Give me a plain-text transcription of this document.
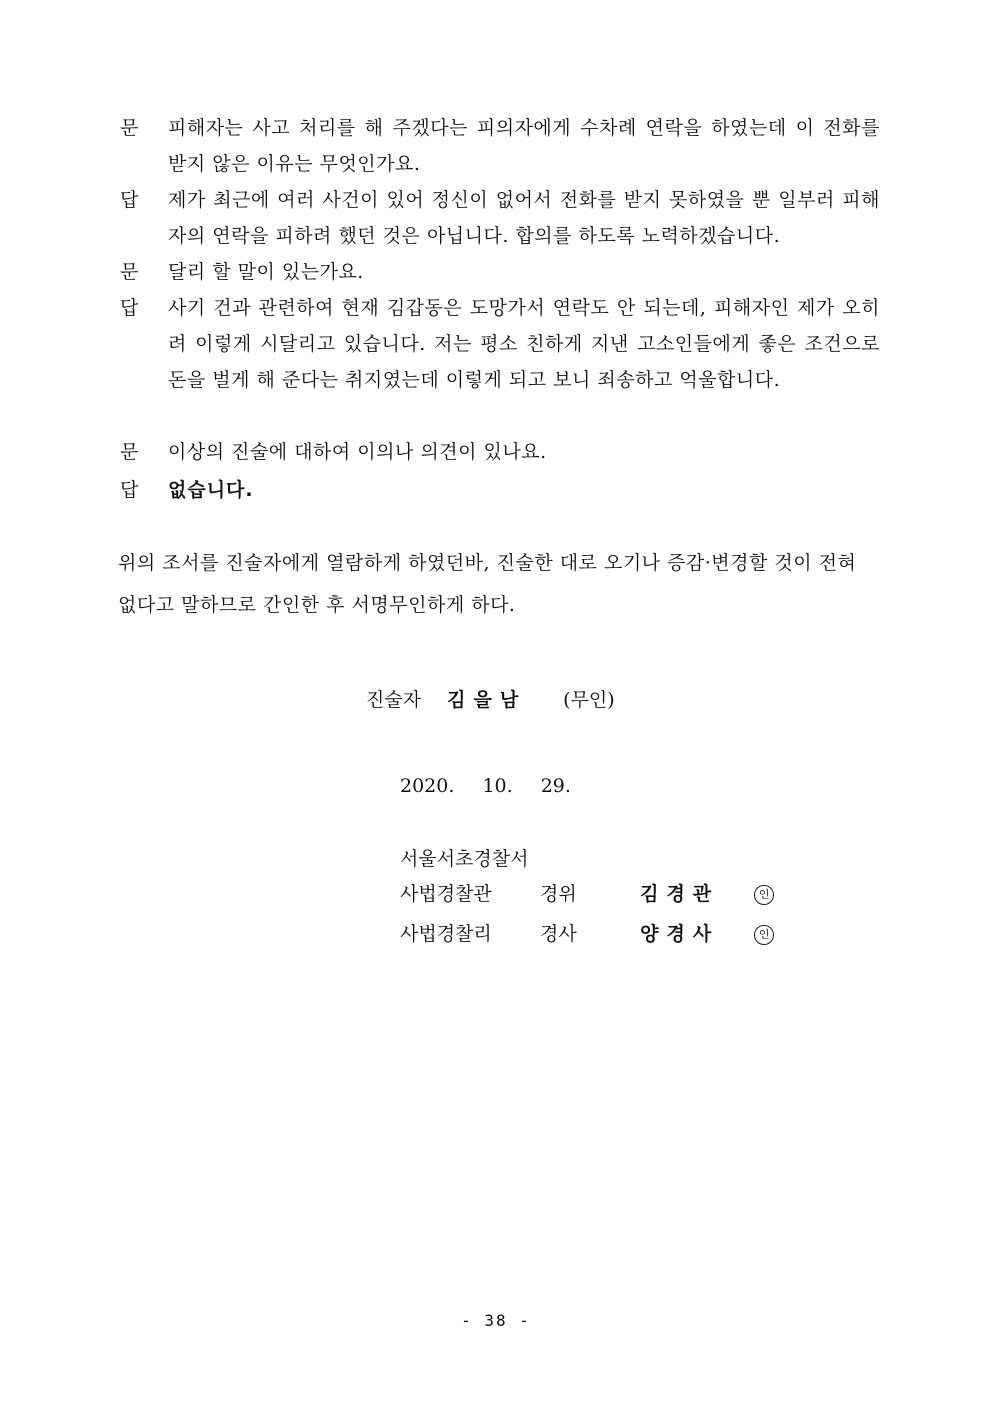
문	피해자는 사고 처리를 해 주겠다는 피의자에게 수차례 연락을 하였는데 이 전화를 받지 않은 이유는 무엇인가요.
답	제가 최근에 여러 사건이 있어 정신이 없어서 전화를 받지 못하였을 뿐 일부러 피해자의 연락을 피하려 했던 것은 아닙니다. 합의를 하도록 노력하겠습니다.
문	달리 할 말이 있는가요.
답	사기 건과 관련하여 현재 김갑동은 도망가서 연락도 안 되는데, 피해자인 제가 오히려 이렇게 시달리고 있습니다. 저는 평소 친하게 지낸 고소인들에게 좋은 조건으로 돈을 벌게 해 준다는 취지였는데 이렇게 되고 보니 죄송하고 억울합니다.
문	이상의 진술에 대하여 이의나 의견이 있나요.
답	없습니다.
위의 조서를 진술자에게 열람하게 하였던바, 진술한 대로 오기나 증감·변경할 것이 전혀 없다고 말하므로 간인한 후 서명무인하게 하다.
진술자 김을남 (무인)
2020. 10. 29.
서울서초경찰서
사법경찰관	경위	김경관	인
사법경찰리	경사	양경사	인
- 38 -
